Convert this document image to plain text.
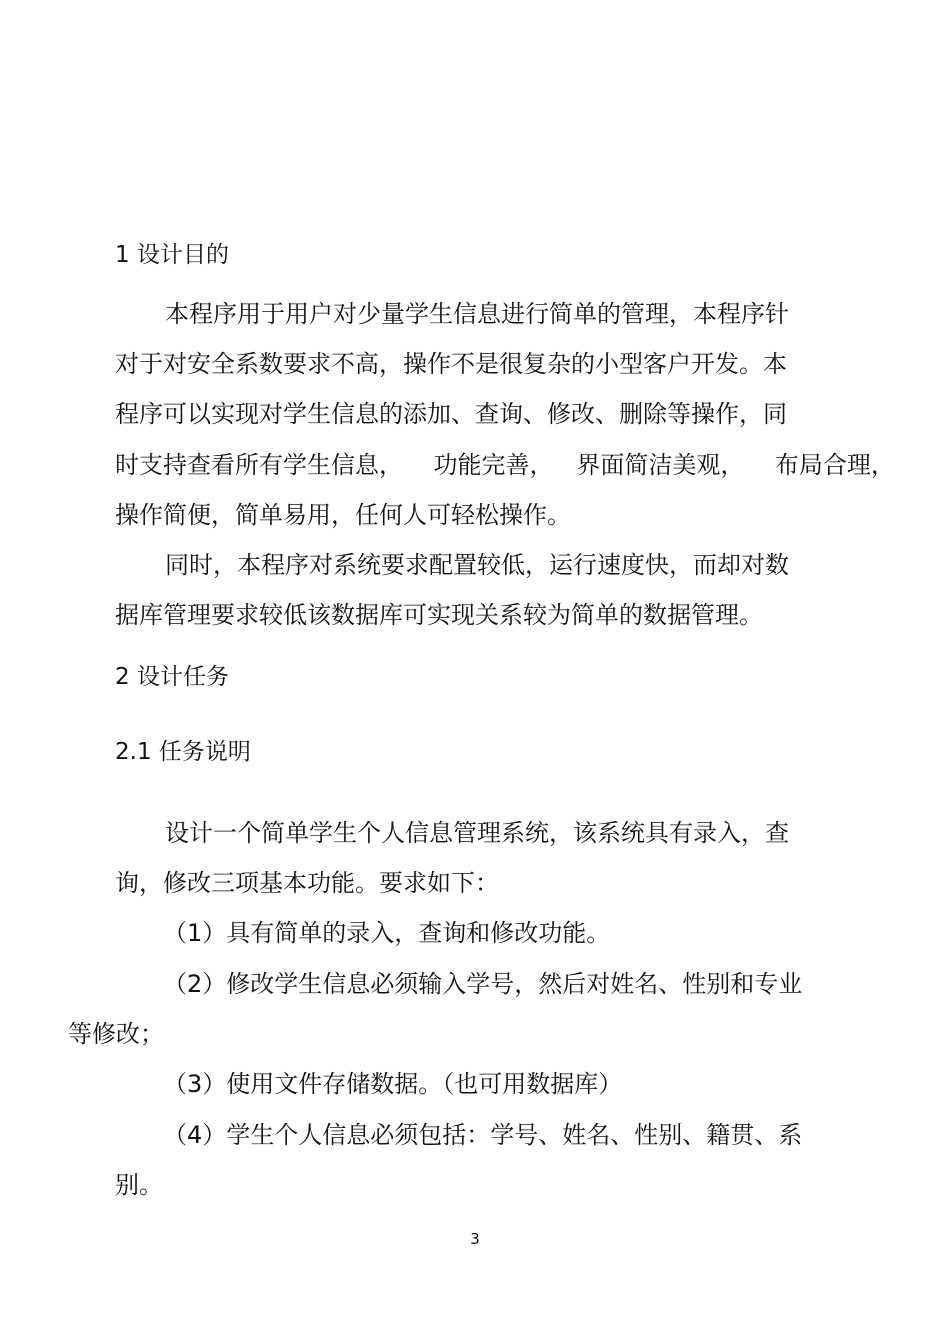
1 设计目的
本程序用于用户对少量学生信息进行简单的管理，本程序针
对于对安全系数要求不高，操作不是很复杂的小型客户开发。本
程序可以实现对学生信息的添加、查询、修改、删除等操作，同
时支持查看所有学生信息，    功能完善，   界面简洁美观，    布局合理，
操作简便，简单易用，任何人可轻松操作。
同时，本程序对系统要求配置较低，运行速度快，而却对数
据库管理要求较低该数据库可实现关系较为简单的数据管理。
2 设计任务
2.1 任务说明
设计一个简单学生个人信息管理系统，该系统具有录入，查
询，修改三项基本功能。要求如下：
（1）具有简单的录入，查询和修改功能。
（2）修改学生信息必须输入学号，然后对姓名、性别和专业
等修改；
（3）使用文件存储数据。（也可用数据库）
（4）学生个人信息必须包括：学号、姓名、性别、籍贯、系
别。
3
